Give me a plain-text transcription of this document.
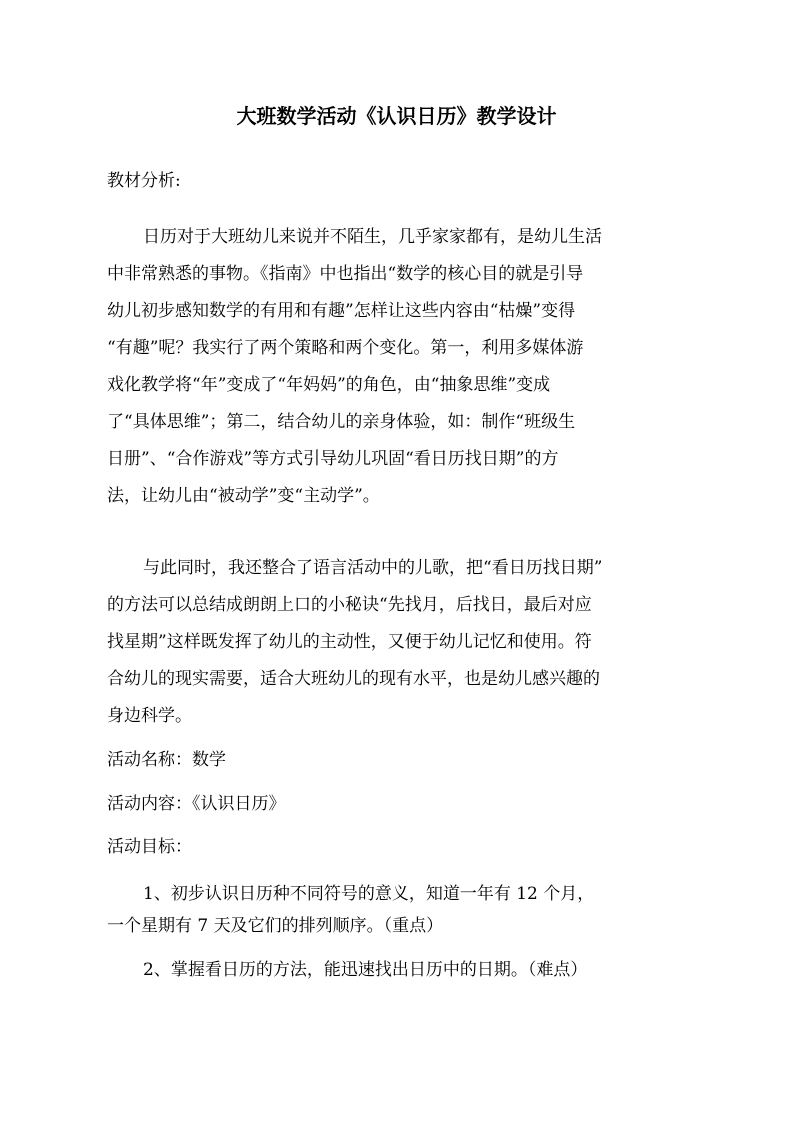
大班数学活动《认识日历》教学设计

教材分析:

日历对于大班幼儿来说并不陌生，几乎家家都有，是幼儿生活

中非常熟悉的事物。《指南》中也指出“数学的核心目的就是引导

幼儿初步感知数学的有用和有趣”怎样让这些内容由“枯燥”变得

“有趣”呢？我实行了两个策略和两个变化。第一，利用多媒体游

戏化教学将“年”变成了“年妈妈”的角色，由“抽象思维”变成

了“具体思维”；第二，结合幼儿的亲身体验，如：制作“班级生

日册”、“合作游戏”等方式引导幼儿巩固“看日历找日期”的方

法，让幼儿由“被动学”变“主动学”。

与此同时，我还整合了语言活动中的儿歌，把“看日历找日期”

的方法可以总结成朗朗上口的小秘诀“先找月，后找日，最后对应

找星期”这样既发挥了幼儿的主动性，又便于幼儿记忆和使用。符

合幼儿的现实需要，适合大班幼儿的现有水平，也是幼儿感兴趣的

身边科学。

活动名称：数学

活动内容：《认识日历》

活动目标：

1、初步认识日历种不同符号的意义，知道一年有 12 个月，

一个星期有 7 天及它们的排列顺序。（重点）

2、掌握看日历的方法，能迅速找出日历中的日期。（难点）
